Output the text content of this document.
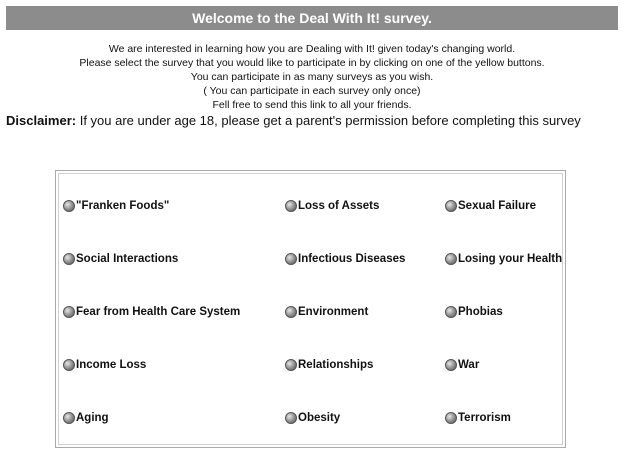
Welcome to the Deal With It! survey.
We are interested in learning how you are Dealing with It! given today's changing world.
Please select the survey that you would like to participate in by clicking on one of the yellow buttons.
You can participate in as many surveys as you wish.
( You can participate in each survey only once)
Fell free to send this link to all your friends.
Disclaimer: If you are under age 18, please get a parent's permission before completing this survey
"Franken Foods"	Loss of Assets	Sexual Failure
Social Interactions	Infectious Diseases	Losing your Health
Fear from Health Care System	Environment	Phobias
Income Loss	Relationships	War
Aging	Obesity	Terrorism
